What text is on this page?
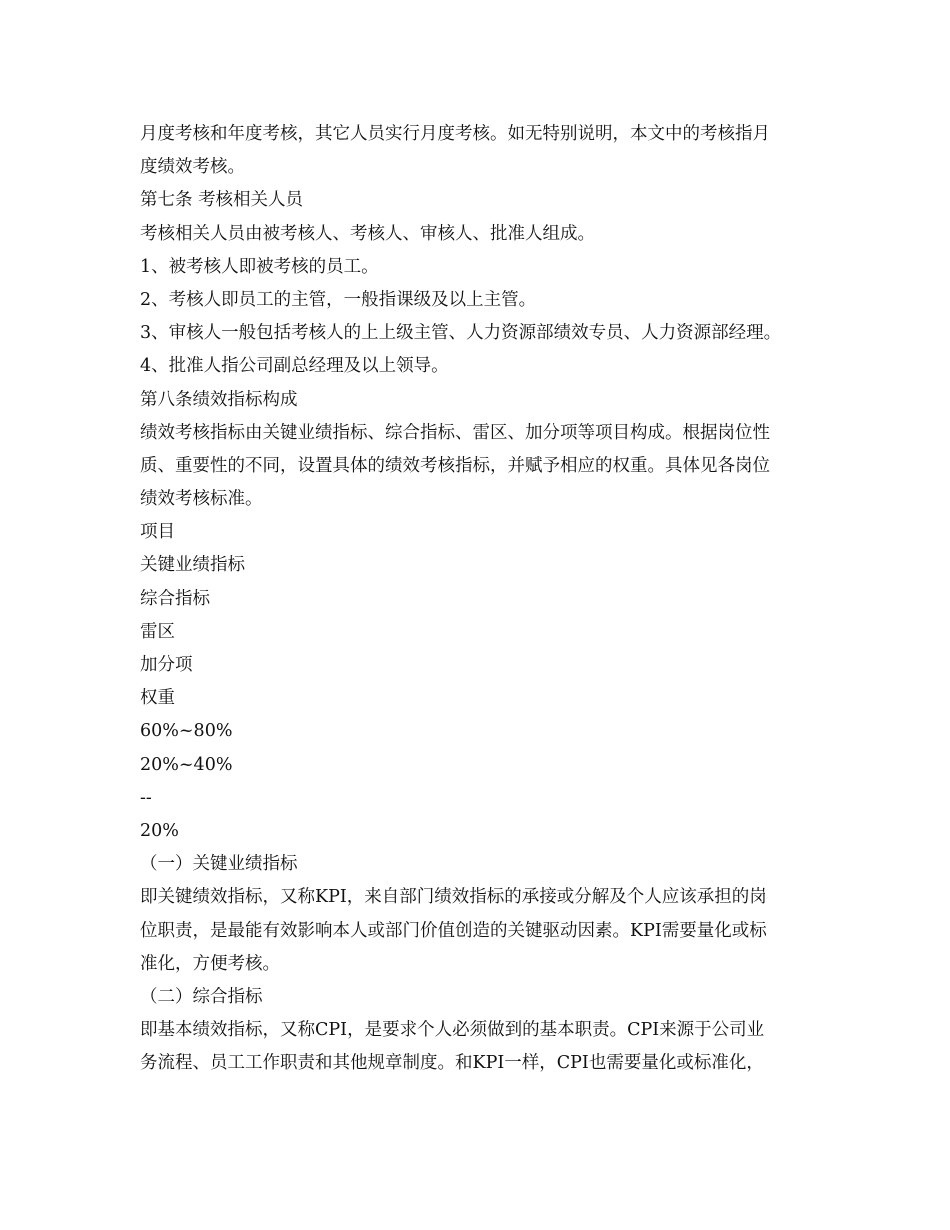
月度考核和年度考核，其它人员实行月度考核。如无特别说明，本文中的考核指月
度绩效考核。
第七条 考核相关人员
考核相关人员由被考核人、考核人、审核人、批准人组成。
1、被考核人即被考核的员工。
2、考核人即员工的主管，一般指课级及以上主管。
3、审核人一般包括考核人的上上级主管、人力资源部绩效专员、人力资源部经理。
4、批准人指公司副总经理及以上领导。
第八条绩效指标构成
绩效考核指标由关键业绩指标、综合指标、雷区、加分项等项目构成。根据岗位性
质、重要性的不同，设置具体的绩效考核指标，并赋予相应的权重。具体见各岗位
绩效考核标准。
项目
关键业绩指标
综合指标
雷区
加分项
权重
60%~80%
20%~40%
--
20%
（一）关键业绩指标
即关键绩效指标，又称KPI，来自部门绩效指标的承接或分解及个人应该承担的岗
位职责，是最能有效影响本人或部门价值创造的关键驱动因素。KPI需要量化或标
准化，方便考核。
（二）综合指标
即基本绩效指标，又称CPI，是要求个人必须做到的基本职责。CPI来源于公司业
务流程、员工工作职责和其他规章制度。和KPI一样，CPI也需要量化或标准化，
